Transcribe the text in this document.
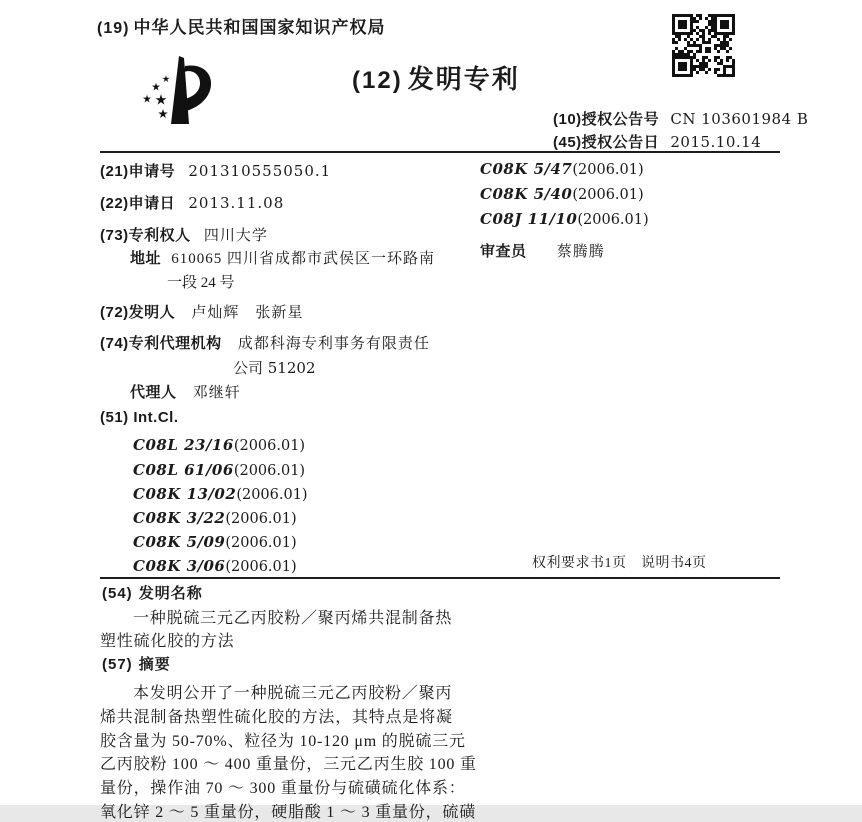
(19) 中华人民共和国国家知识产权局
(12) 发明专利
(10)授权公告号 CN 103601984 B
(45)授权公告日 2015.10.14
(21)申请号 201310555050.1
(22)申请日 2013.11.08
(73)专利权人 四川大学
地址 610065 四川省成都市武侯区一环路南
一段 24 号
(72)发明人 卢灿辉　张新星
(74)专利代理机构 成都科海专利事务有限责任
公司 51202
代理人 邓继轩
(51) Int.Cl.
C08L 23/16(2006.01)
C08L 61/06(2006.01)
C08K 13/02(2006.01)
C08K 3/22(2006.01)
C08K 5/09(2006.01)
C08K 3/06(2006.01)
C08K 5/47(2006.01)
C08K 5/40(2006.01)
C08J 11/10(2006.01)
审查员 蔡腾腾
权利要求书1页　说明书4页
(54) 发明名称
一种脱硫三元乙丙胶粉／聚丙烯共混制备热
塑性硫化胶的方法
(57) 摘要
本发明公开了一种脱硫三元乙丙胶粉／聚丙
烯共混制备热塑性硫化胶的方法，其特点是将凝
胶含量为 50-70%、粒径为 10-120 μm 的脱硫三元
乙丙胶粉 100 ～ 400 重量份，三元乙丙生胶 100 重
量份，操作油 70 ～ 300 重量份与硫磺硫化体系：
氧化锌 2 ～ 5 重量份，硬脂酸 1 ～ 3 重量份，硫磺
